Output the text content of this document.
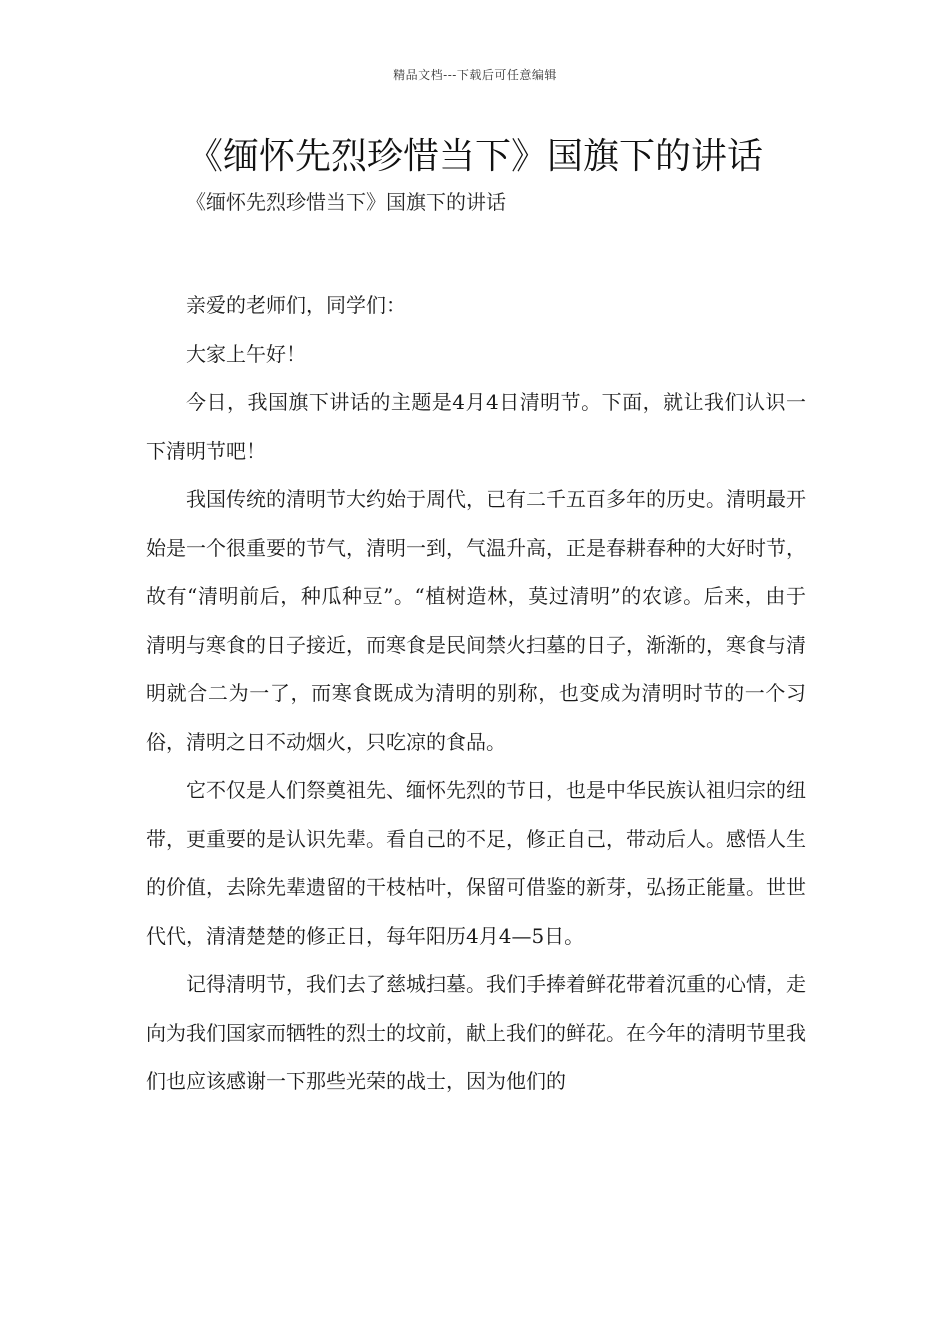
精品文档---下载后可任意编辑
《缅怀先烈珍惜当下》国旗下的讲话
《缅怀先烈珍惜当下》国旗下的讲话

亲爱的老师们，同学们：

大家上午好！

今日，我国旗下讲话的主题是4月4日清明节。下面，就让我们认识一下清明节吧！

我国传统的清明节大约始于周代，已有二千五百多年的历史。清明最开始是一个很重要的节气，清明一到，气温升高，正是春耕春种的大好时节，故有“清明前后，种瓜种豆”。“植树造林，莫过清明”的农谚。后来，由于清明与寒食的日子接近，而寒食是民间禁火扫墓的日子，渐渐的，寒食与清明就合二为一了，而寒食既成为清明的别称，也变成为清明时节的一个习俗，清明之日不动烟火，只吃凉的食品。

它不仅是人们祭奠祖先、缅怀先烈的节日，也是中华民族认祖归宗的纽带，更重要的是认识先辈。看自己的不足，修正自己，带动后人。感悟人生的价值，去除先辈遗留的干枝枯叶，保留可借鉴的新芽，弘扬正能量。世世代代，清清楚楚的修正日，每年阳历4月4—5日。

记得清明节，我们去了慈城扫墓。我们手捧着鲜花带着沉重的心情，走向为我们国家而牺牲的烈士的坟前，献上我们的鲜花。在今年的清明节里我们也应该感谢一下那些光荣的战士，因为他们的
